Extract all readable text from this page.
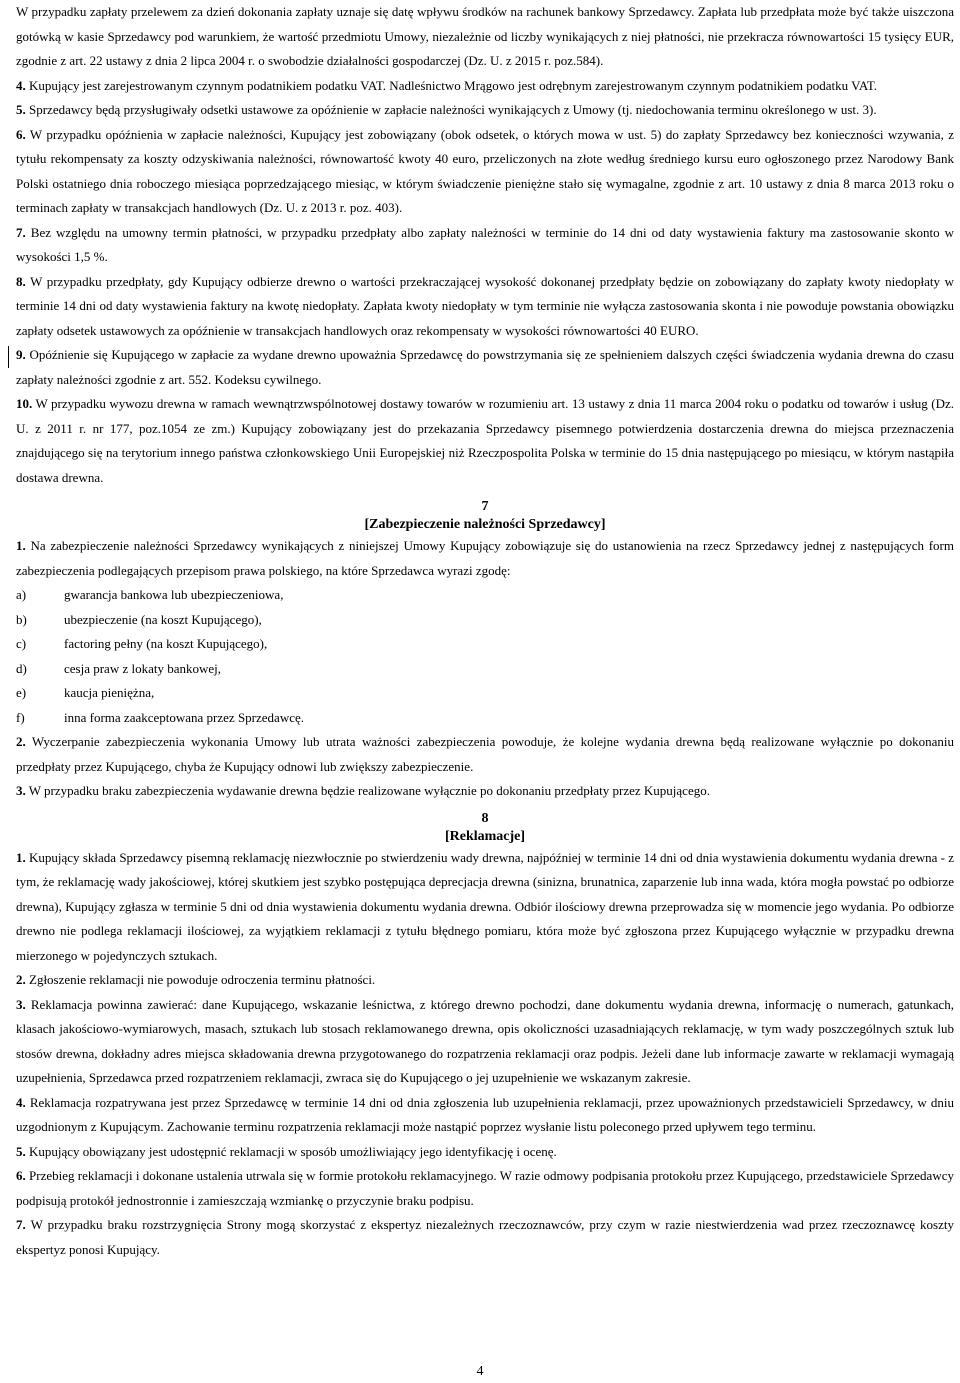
W przypadku zapłaty przelewem za dzień dokonania zapłaty uznaje się datę wpływu środków na rachunek bankowy Sprzedawcy. Zapłata lub przedpłata może być także uiszczona gotówką w kasie Sprzedawcy pod warunkiem, że wartość przedmiotu Umowy, niezależnie od liczby wynikających z niej płatności, nie przekracza równowartości 15 tysięcy EUR, zgodnie z art. 22 ustawy z dnia 2 lipca 2004 r. o swobodzie działalności gospodarczej (Dz. U. z 2015 r. poz.584).

4. Kupujący jest zarejestrowanym czynnym podatnikiem podatku VAT. Nadleśnictwo Mrągowo jest odrębnym zarejestrowanym czynnym podatnikiem podatku VAT.

5. Sprzedawcy będą przysługiwały odsetki ustawowe za opóźnienie w zapłacie należności wynikających z Umowy (tj. niedochowania terminu określonego w ust. 3).

6. W przypadku opóźnienia w zapłacie należności, Kupujący jest zobowiązany (obok odsetek, o których mowa w ust. 5) do zapłaty Sprzedawcy bez konieczności wzywania, z tytułu rekompensaty za koszty odzyskiwania należności, równowartość kwoty 40 euro, przeliczonych na złote według średniego kursu euro ogłoszonego przez Narodowy Bank Polski ostatniego dnia roboczego miesiąca poprzedzającego miesiąc, w którym świadczenie pieniężne stało się wymagalne, zgodnie z art. 10 ustawy z dnia 8 marca 2013 roku o terminach zapłaty w transakcjach handlowych (Dz. U. z 2013 r. poz. 403).

7. Bez względu na umowny termin płatności, w przypadku przedpłaty albo zapłaty należności w terminie do 14 dni od daty wystawienia faktury ma zastosowanie skonto w wysokości 1,5 %.

8. W przypadku przedpłaty, gdy Kupujący odbierze drewno o wartości przekraczającej wysokość dokonanej przedpłaty będzie on zobowiązany do zapłaty kwoty niedopłaty w terminie 14 dni od daty wystawienia faktury na kwotę niedopłaty. Zapłata kwoty niedopłaty w tym terminie nie wyłącza zastosowania skonta i nie powoduje powstania obowiązku zapłaty odsetek ustawowych za opóźnienie w transakcjach handlowych oraz rekompensaty w wysokości równowartości 40 EURO.

9. Opóźnienie się Kupującego w zapłacie za wydane drewno upoważnia Sprzedawcę do powstrzymania się ze spełnieniem dalszych części świadczenia wydania drewna do czasu zapłaty należności zgodnie z art. 552. Kodeksu cywilnego.

10. W przypadku wywozu drewna w ramach wewnątrzwspólnotowej dostawy towarów w rozumieniu art. 13 ustawy z dnia 11 marca 2004 roku o podatku od towarów i usług (Dz. U. z 2011 r. nr 177, poz.1054 ze zm.) Kupujący zobowiązany jest do przekazania Sprzedawcy pisemnego potwierdzenia dostarczenia drewna do miejsca przeznaczenia znajdującego się na terytorium innego państwa członkowskiego Unii Europejskiej niż Rzeczpospolita Polska w terminie do 15 dnia następującego po miesiącu, w którym nastąpiła dostawa drewna.

7
[Zabezpieczenie należności Sprzedawcy]

1. Na zabezpieczenie należności Sprzedawcy wynikających z niniejszej Umowy Kupujący zobowiązuje się do ustanowienia na rzecz Sprzedawcy jednej z następujących form zabezpieczenia podlegających przepisom prawa polskiego, na które Sprzedawca wyrazi zgodę:

a)	gwarancja bankowa lub ubezpieczeniowa,
b)	ubezpieczenie (na koszt Kupującego),
c)	factoring pełny (na koszt Kupującego),
d)	cesja praw z lokaty bankowej,
e)	kaucja pieniężna,
f)	inna forma zaakceptowana przez Sprzedawcę.

2. Wyczerpanie zabezpieczenia wykonania Umowy lub utrata ważności zabezpieczenia powoduje, że kolejne wydania drewna będą realizowane wyłącznie po dokonaniu przedpłaty przez Kupującego, chyba że Kupujący odnowi lub zwiększy zabezpieczenie.

3. W przypadku braku zabezpieczenia wydawanie drewna będzie realizowane wyłącznie po dokonaniu przedpłaty przez Kupującego.

8
[Reklamacje]

1. Kupujący składa Sprzedawcy pisemną reklamację niezwłocznie po stwierdzeniu wady drewna, najpóźniej w terminie 14 dni od dnia wystawienia dokumentu wydania drewna - z tym, że reklamację wady jakościowej, której skutkiem jest szybko postępująca deprecjacja drewna (sinizna, brunatnica, zaparzenie lub inna wada, która mogła powstać po odbiorze drewna), Kupujący zgłasza w terminie 5 dni od dnia wystawienia dokumentu wydania drewna. Odbiór ilościowy drewna przeprowadza się w momencie jego wydania. Po odbiorze drewno nie podlega reklamacji ilościowej, za wyjątkiem reklamacji z tytułu błędnego pomiaru, która może być zgłoszona przez Kupującego wyłącznie w przypadku drewna mierzonego w pojedynczych sztukach.

2. Zgłoszenie reklamacji nie powoduje odroczenia terminu płatności.

3. Reklamacja powinna zawierać: dane Kupującego, wskazanie leśnictwa, z którego drewno pochodzi, dane dokumentu wydania drewna, informację o numerach, gatunkach, klasach jakościowo-wymiarowych, masach, sztukach lub stosach reklamowanego drewna, opis okoliczności uzasadniających reklamację, w tym wady poszczególnych sztuk lub stosów drewna, dokładny adres miejsca składowania drewna przygotowanego do rozpatrzenia reklamacji oraz podpis. Jeżeli dane lub informacje zawarte w reklamacji wymagają uzupełnienia, Sprzedawca przed rozpatrzeniem reklamacji, zwraca się do Kupującego o jej uzupełnienie we wskazanym zakresie.

4. Reklamacja rozpatrywana jest przez Sprzedawcę w terminie 14 dni od dnia zgłoszenia lub uzupełnienia reklamacji, przez upoważnionych przedstawicieli Sprzedawcy, w dniu uzgodnionym z Kupującym. Zachowanie terminu rozpatrzenia reklamacji może nastąpić poprzez wysłanie listu poleconego przed upływem tego terminu.

5. Kupujący obowiązany jest udostępnić reklamacji w sposób umożliwiający jego identyfikację i ocenę.

6. Przebieg reklamacji i dokonane ustalenia utrwala się w formie protokołu reklamacyjnego. W razie odmowy podpisania protokołu przez Kupującego, przedstawiciele Sprzedawcy podpisują protokół jednostronnie i zamieszczają wzmiankę o przyczynie braku podpisu.

7. W przypadku braku rozstrzygnięcia Strony mogą skorzystać z ekspertyz niezależnych rzeczoznawców, przy czym w razie niestwierdzenia wad przez rzeczoznawcę koszty ekspertyz ponosi Kupujący.

4
